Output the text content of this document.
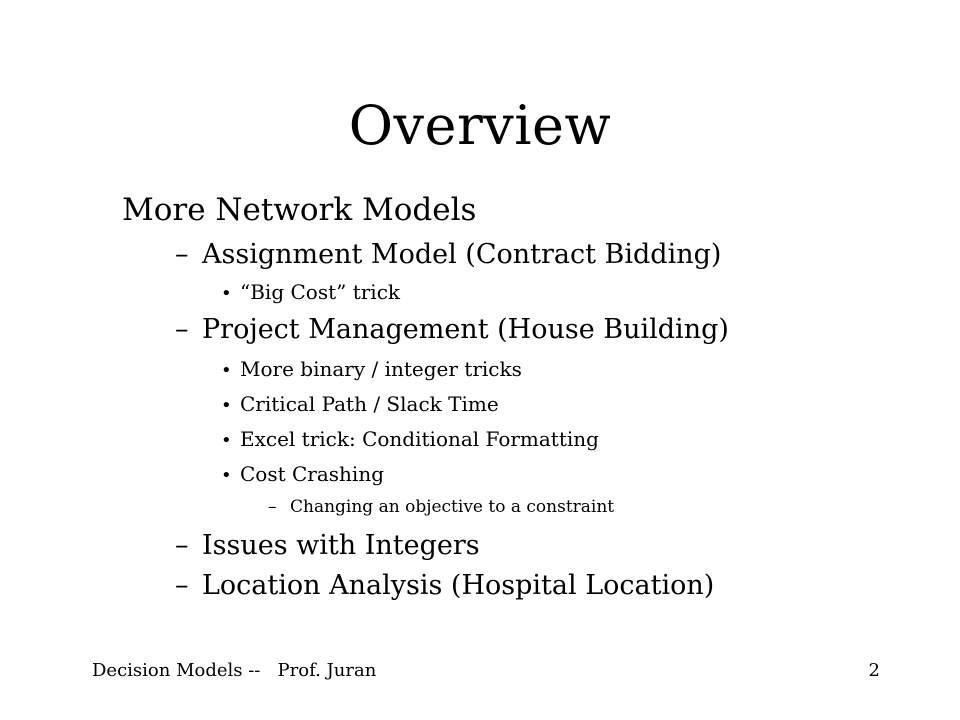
Overview
More Network Models
– Assignment Model (Contract Bidding)
• “Big Cost” trick
– Project Management (House Building)
• More binary / integer tricks
• Critical Path / Slack Time
• Excel trick: Conditional Formatting
• Cost Crashing
– Changing an objective to a constraint
– Issues with Integers
– Location Analysis (Hospital Location)
Decision Models --   Prof. Juran	2
